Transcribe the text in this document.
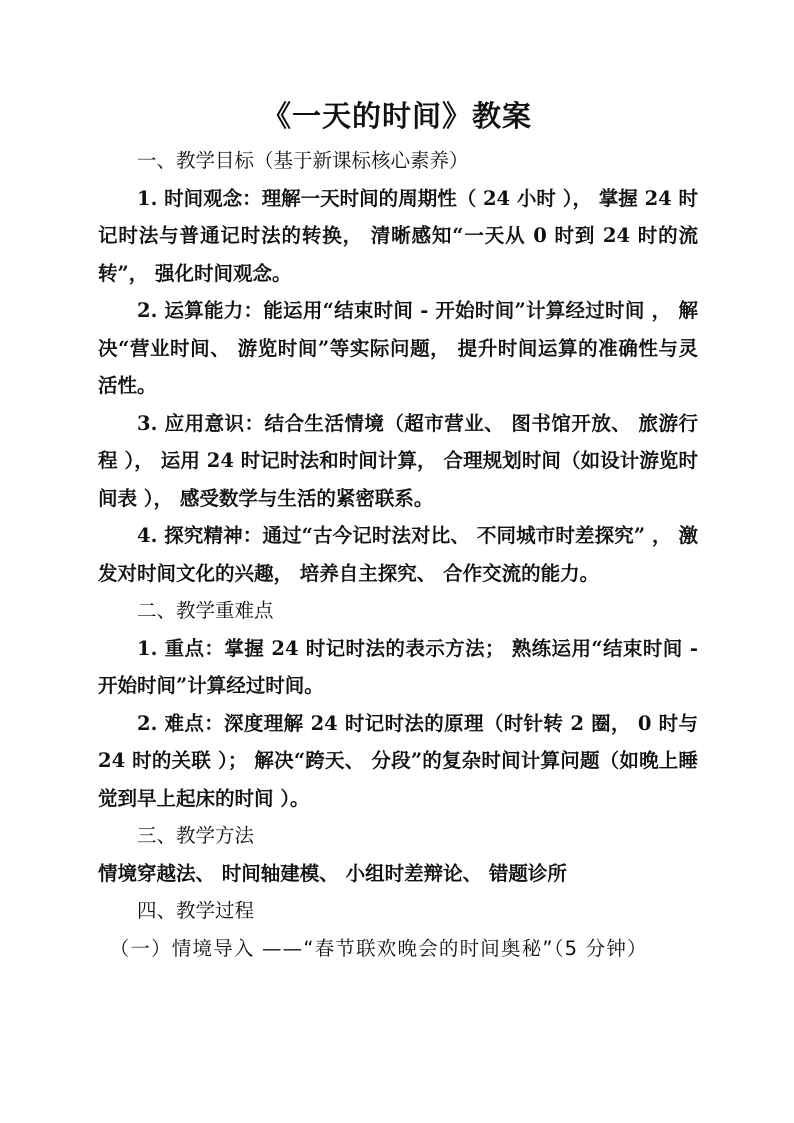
《一天的时间》教案

一、教学目标（基于新课标核心素养）

1. 时间观念：理解一天时间的周期性（ 24 小时 ）， 掌握 24 时记时法与普通记时法的转换， 清晰感知“一天从 0 时到 24 时的流转”， 强化时间观念。

2. 运算能力：能运用“结束时间 - 开始时间”计算经过时间 ， 解决“营业时间、 游览时间”等实际问题， 提升时间运算的准确性与灵活性。

3. 应用意识：结合生活情境（超市营业、 图书馆开放、 旅游行程 ）， 运用 24 时记时法和时间计算， 合理规划时间（如设计游览时间表 ）， 感受数学与生活的紧密联系。

4. 探究精神：通过“古今记时法对比、 不同城市时差探究” ， 激发对时间文化的兴趣， 培养自主探究、 合作交流的能力。

二、教学重难点

1. 重点：掌握 24 时记时法的表示方法； 熟练运用“结束时间 - 开始时间”计算经过时间。

2. 难点：深度理解 24 时记时法的原理（时针转 2 圈， 0 时与 24 时的关联 ）； 解决“跨天、 分段”的复杂时间计算问题（如晚上睡觉到早上起床的时间 ）。

三、教学方法

情境穿越法、 时间轴建模、 小组时差辩论、 错题诊所

四、教学过程

（一）情境导入 ——“春节联欢晚会的时间奥秘”（5 分钟）
